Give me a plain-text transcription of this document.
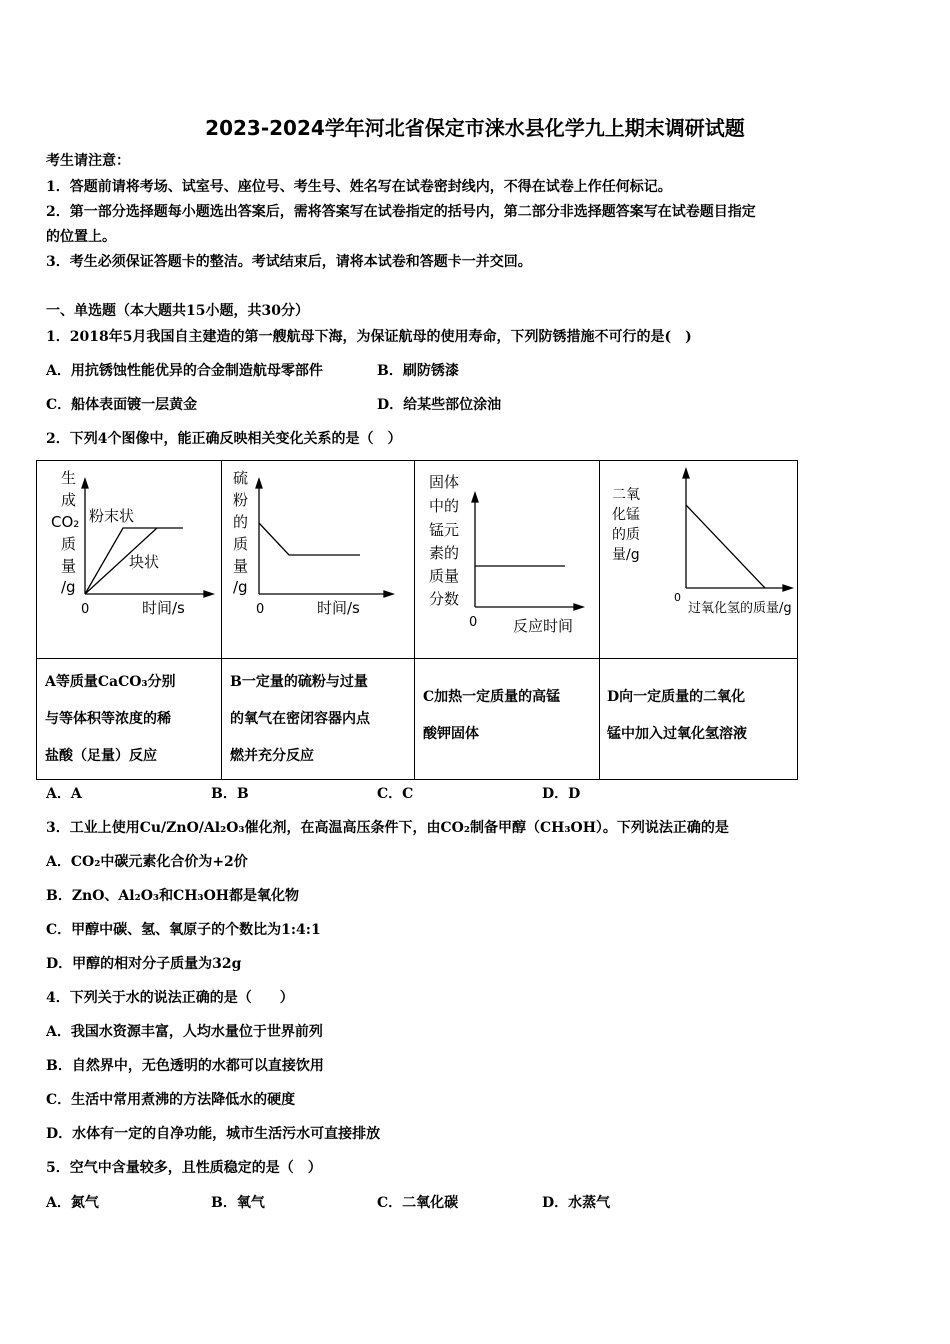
2023-2024学年河北省保定市涞水县化学九上期末调研试题
考生请注意：
1．答题前请将考场、试室号、座位号、考生号、姓名写在试卷密封线内，不得在试卷上作任何标记。
2．第一部分选择题每小题选出答案后，需将答案写在试卷指定的括号内，第二部分非选择题答案写在试卷题目指定
的位置上。
3．考生必须保证答题卡的整洁。考试结束后，请将本试卷和答题卡一并交回。
一、单选题（本大题共15小题，共30分）
1．2018年5月我国自主建造的第一艘航母下海，为保证航母的使用寿命，下列防锈措施不可行的是(　)
A．用抗锈蚀性能优异的合金制造航母零部件	B．刷防锈漆
C．船体表面镀一层黄金	D．给某些部位涂油
2．下列4个图像中，能正确反映相关变化关系的是（　）
生
成
CO₂
质
量
/g
0	时间/s
粉末状
块状
硫
粉
的
质
量
/g
0	时间/s
固体
中的
锰元
素的
质量
分数
0 反应时间
二氧
化锰
的质
量/g
0
过氧化氢的质量/g
A等质量CaCO₃分别
与等体积等浓度的稀
盐酸（足量）反应
B一定量的硫粉与过量
的氧气在密闭容器内点
燃并充分反应
C加热一定质量的高锰
酸钾固体
D向一定质量的二氧化
锰中加入过氧化氢溶液
A．A	B．B	C．C	D．D
3．工业上使用Cu/ZnO/Al₂O₃催化剂，在高温高压条件下，由CO₂制备甲醇（CH₃OH）。下列说法正确的是
A．CO₂中碳元素化合价为+2价
B．ZnO、Al₂O₃和CH₃OH都是氧化物
C．甲醇中碳、氢、氧原子的个数比为1:4:1
D．甲醇的相对分子质量为32g
4．下列关于水的说法正确的是（　　）
A．我国水资源丰富，人均水量位于世界前列
B．自然界中，无色透明的水都可以直接饮用
C．生活中常用煮沸的方法降低水的硬度
D．水体有一定的自净功能，城市生活污水可直接排放
5．空气中含量较多，且性质稳定的是（　）
A．氮气	B．氧气	C．二氧化碳	D．水蒸气
